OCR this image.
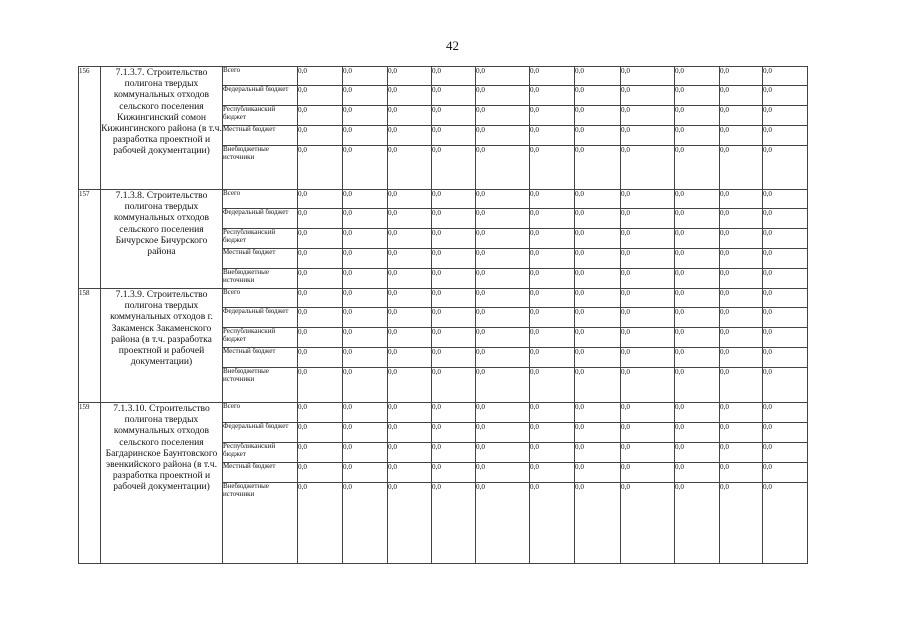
42
156	7.1.3.7. Строительство полигона твердых коммунальных отходов сельского поселения Кижингинский сомон Кижингинского района (в т.ч. разработка проектной и рабочей документации)	Всего	0,0	0,0	0,0	0,0	0,0	0,0	0,0	0,0	0,0	0,0	0,0
		Федеральный бюджет	0,0	0,0	0,0	0,0	0,0	0,0	0,0	0,0	0,0	0,0	0,0
		Республиканский бюджет	0,0	0,0	0,0	0,0	0,0	0,0	0,0	0,0	0,0	0,0	0,0
		Местный бюджет	0,0	0,0	0,0	0,0	0,0	0,0	0,0	0,0	0,0	0,0	0,0
		Внебюджетные источники	0,0	0,0	0,0	0,0	0,0	0,0	0,0	0,0	0,0	0,0	0,0
157	7.1.3.8. Строительство полигона твердых коммунальных отходов сельского поселения Бичурское Бичурского района	Всего	0,0	0,0	0,0	0,0	0,0	0,0	0,0	0,0	0,0	0,0	0,0
		Федеральный бюджет	0,0	0,0	0,0	0,0	0,0	0,0	0,0	0,0	0,0	0,0	0,0
		Республиканский бюджет	0,0	0,0	0,0	0,0	0,0	0,0	0,0	0,0	0,0	0,0	0,0
		Местный бюджет	0,0	0,0	0,0	0,0	0,0	0,0	0,0	0,0	0,0	0,0	0,0
		Внебюджетные источники	0,0	0,0	0,0	0,0	0,0	0,0	0,0	0,0	0,0	0,0	0,0
158	7.1.3.9. Строительство полигона твердых коммунальных отходов г. Закаменск Закаменского района (в т.ч. разработка проектной и рабочей документации)	Всего	0,0	0,0	0,0	0,0	0,0	0,0	0,0	0,0	0,0	0,0	0,0
		Федеральный бюджет	0,0	0,0	0,0	0,0	0,0	0,0	0,0	0,0	0,0	0,0	0,0
		Республиканский бюджет	0,0	0,0	0,0	0,0	0,0	0,0	0,0	0,0	0,0	0,0	0,0
		Местный бюджет	0,0	0,0	0,0	0,0	0,0	0,0	0,0	0,0	0,0	0,0	0,0
		Внебюджетные источники	0,0	0,0	0,0	0,0	0,0	0,0	0,0	0,0	0,0	0,0	0,0
159	7.1.3.10. Строительство полигона твердых коммунальных отходов сельского поселения Багдаринское Баунтовского эвенкийского района (в т.ч. разработка проектной и рабочей документации)	Всего	0,0	0,0	0,0	0,0	0,0	0,0	0,0	0,0	0,0	0,0	0,0
		Федеральный бюджет	0,0	0,0	0,0	0,0	0,0	0,0	0,0	0,0	0,0	0,0	0,0
		Республиканский бюджет	0,0	0,0	0,0	0,0	0,0	0,0	0,0	0,0	0,0	0,0	0,0
		Местный бюджет	0,0	0,0	0,0	0,0	0,0	0,0	0,0	0,0	0,0	0,0	0,0
		Внебюджетные источники	0,0	0,0	0,0	0,0	0,0	0,0	0,0	0,0	0,0	0,0	0,0
